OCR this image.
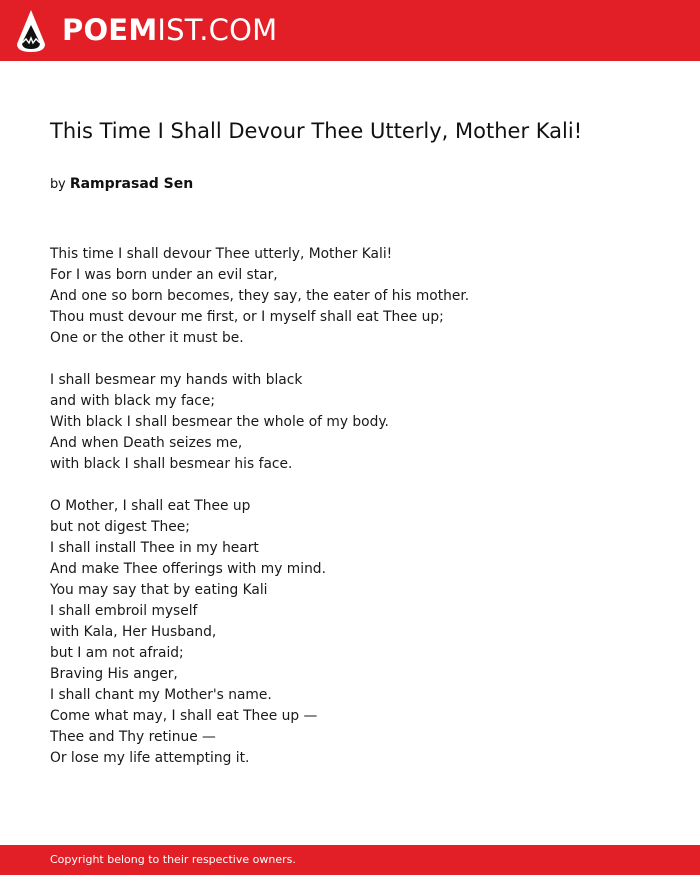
POEMIST.COM
This Time I Shall Devour Thee Utterly, Mother Kali!
by Ramprasad Sen
This time I shall devour Thee utterly, Mother Kali!
For I was born under an evil star,
And one so born becomes, they say, the eater of his mother.
Thou must devour me first, or I myself shall eat Thee up;
One or the other it must be.
I shall besmear my hands with black
and with black my face;
With black I shall besmear the whole of my body.
And when Death seizes me,
with black I shall besmear his face.
O Mother, I shall eat Thee up
but not digest Thee;
I shall install Thee in my heart
And make Thee offerings with my mind.
You may say that by eating Kali
I shall embroil myself
with Kala, Her Husband,
but I am not afraid;
Braving His anger,
I shall chant my Mother's name.
Come what may, I shall eat Thee up —
Thee and Thy retinue —
Or lose my life attempting it.
Copyright belong to their respective owners.
